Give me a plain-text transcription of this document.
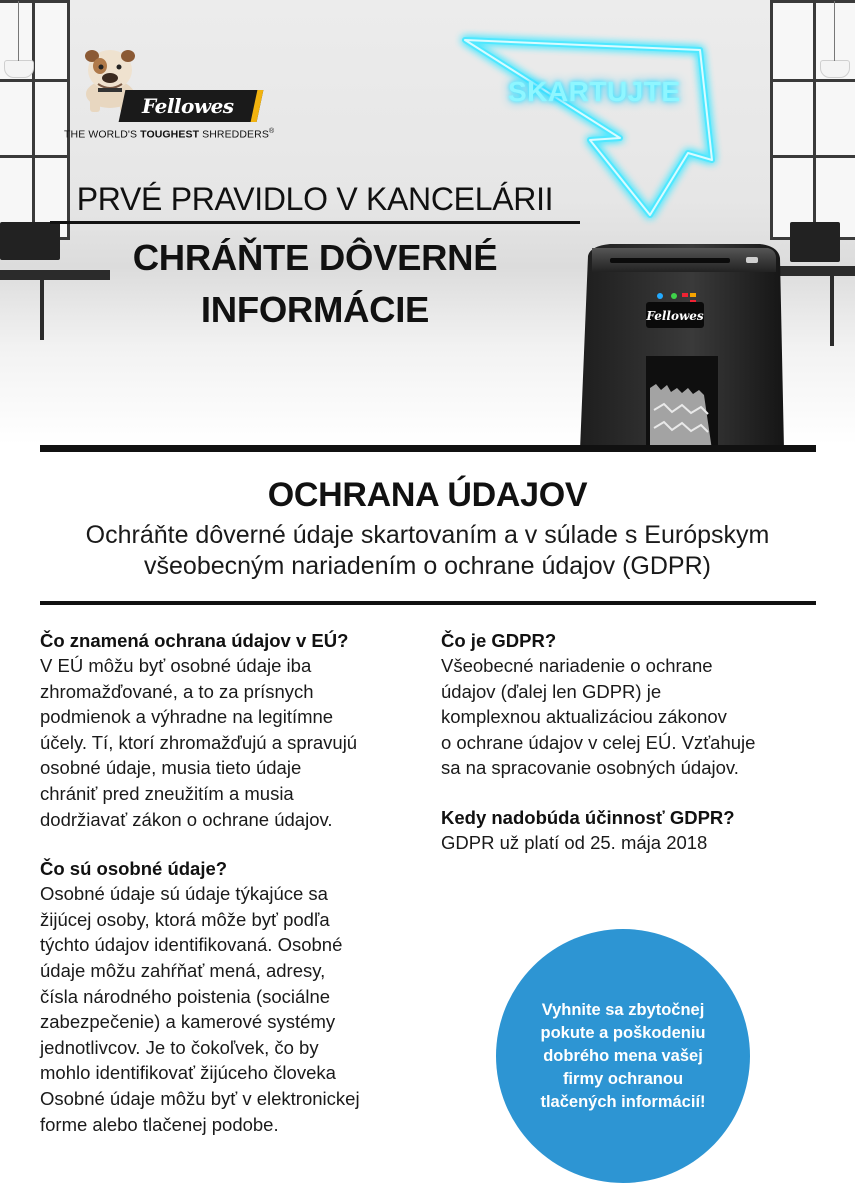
Fellowes
THE WORLD'S TOUGHEST SHREDDERS®
SKARTUJTE
PRVÉ PRAVIDLO V KANCELÁRII
CHRÁŇTE DÔVERNÉ
INFORMÁCIE	Fellowes
OCHRANA ÚDAJOV
Ochráňte dôverné údaje skartovaním a v súlade s Európskym
všeobecným nariadením o ochrane údajov (GDPR)
Čo znamená ochrana údajov v EÚ?

V EÚ môžu byť osobné údaje iba
zhromažďované, a to za prísnych
podmienok a výhradne na legitímne
účely. Tí, ktorí zhromažďujú a spravujú
osobné údaje, musia tieto údaje
chrániť pred zneužitím a musia
dodržiavať zákon o ochrane údajov.

Čo sú osobné údaje?

Osobné údaje sú údaje týkajúce sa
žijúcej osoby, ktorá môže byť podľa
týchto údajov identifikovaná. Osobné
údaje môžu zahŕňať mená, adresy,
čísla národného poistenia (sociálne
zabezpečenie) a kamerové systémy
jednotlivcov. Je to čokoľvek, čo by
mohlo identifikovať žijúceho človeka
Osobné údaje môžu byť v elektronickej
forme alebo tlačenej podobe.

Čo je GDPR?

Všeobecné nariadenie o ochrane
údajov (ďalej len GDPR) je
komplexnou aktualizáciou zákonov
o ochrane údajov v celej EÚ. Vzťahuje
sa na spracovanie osobných údajov.

Kedy nadobúda účinnosť GDPR?

GDPR už platí od 25. mája 2018

Vyhnite sa zbytočnej
pokute a poškodeniu
dobrého mena vašej
firmy ochranou
tlačených informácií!
